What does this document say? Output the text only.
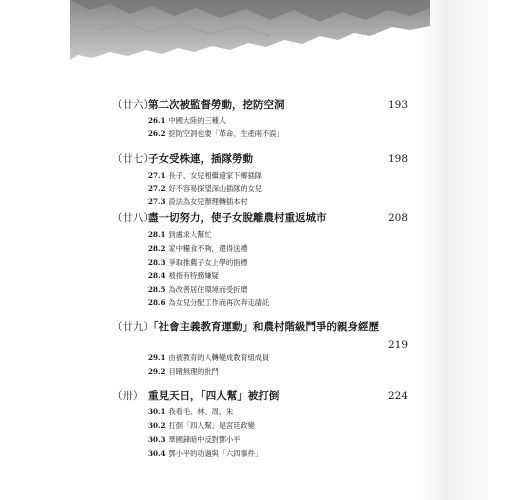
（廿六）第二次被監督勞動，挖防空洞	193
26.1 中國大陸的三種人
26.2 挖防空洞也要「革命、生產兩不誤」
（廿七）子女受株連，插隊勞動	198
27.1 長子、女兒相繼遠家下鄉插隊
27.2 好不容易探望深山插隊的女兒
27.3 設法為女兒辦理轉插本村
（廿八）盡一切努力，使子女脫離農村重返城市	208
28.1 到處求人幫忙
28.2 家中糧食不夠，還得送禮
28.3 爭取推薦子女上學的指標
28.4 被指有特務嫌疑
28.5 為改善居住環境而受折磨
28.6 為女兒分配工作而再次奔走請託
（廿九）「社會主義教育運動」和農村階級鬥爭的親身經歷
219
29.1 由被教育的人轉變成教育組成員
29.2 目睹無理的批鬥
（卅） 重見天日，「四人幫」被打倒	224
30.1 我看毛、林、周、朱
30.2 打倒「四人幫」是宮廷政變
30.3 華國鋒暗中反對鄧小平
30.4 鄧小平的功過與「六四事件」
